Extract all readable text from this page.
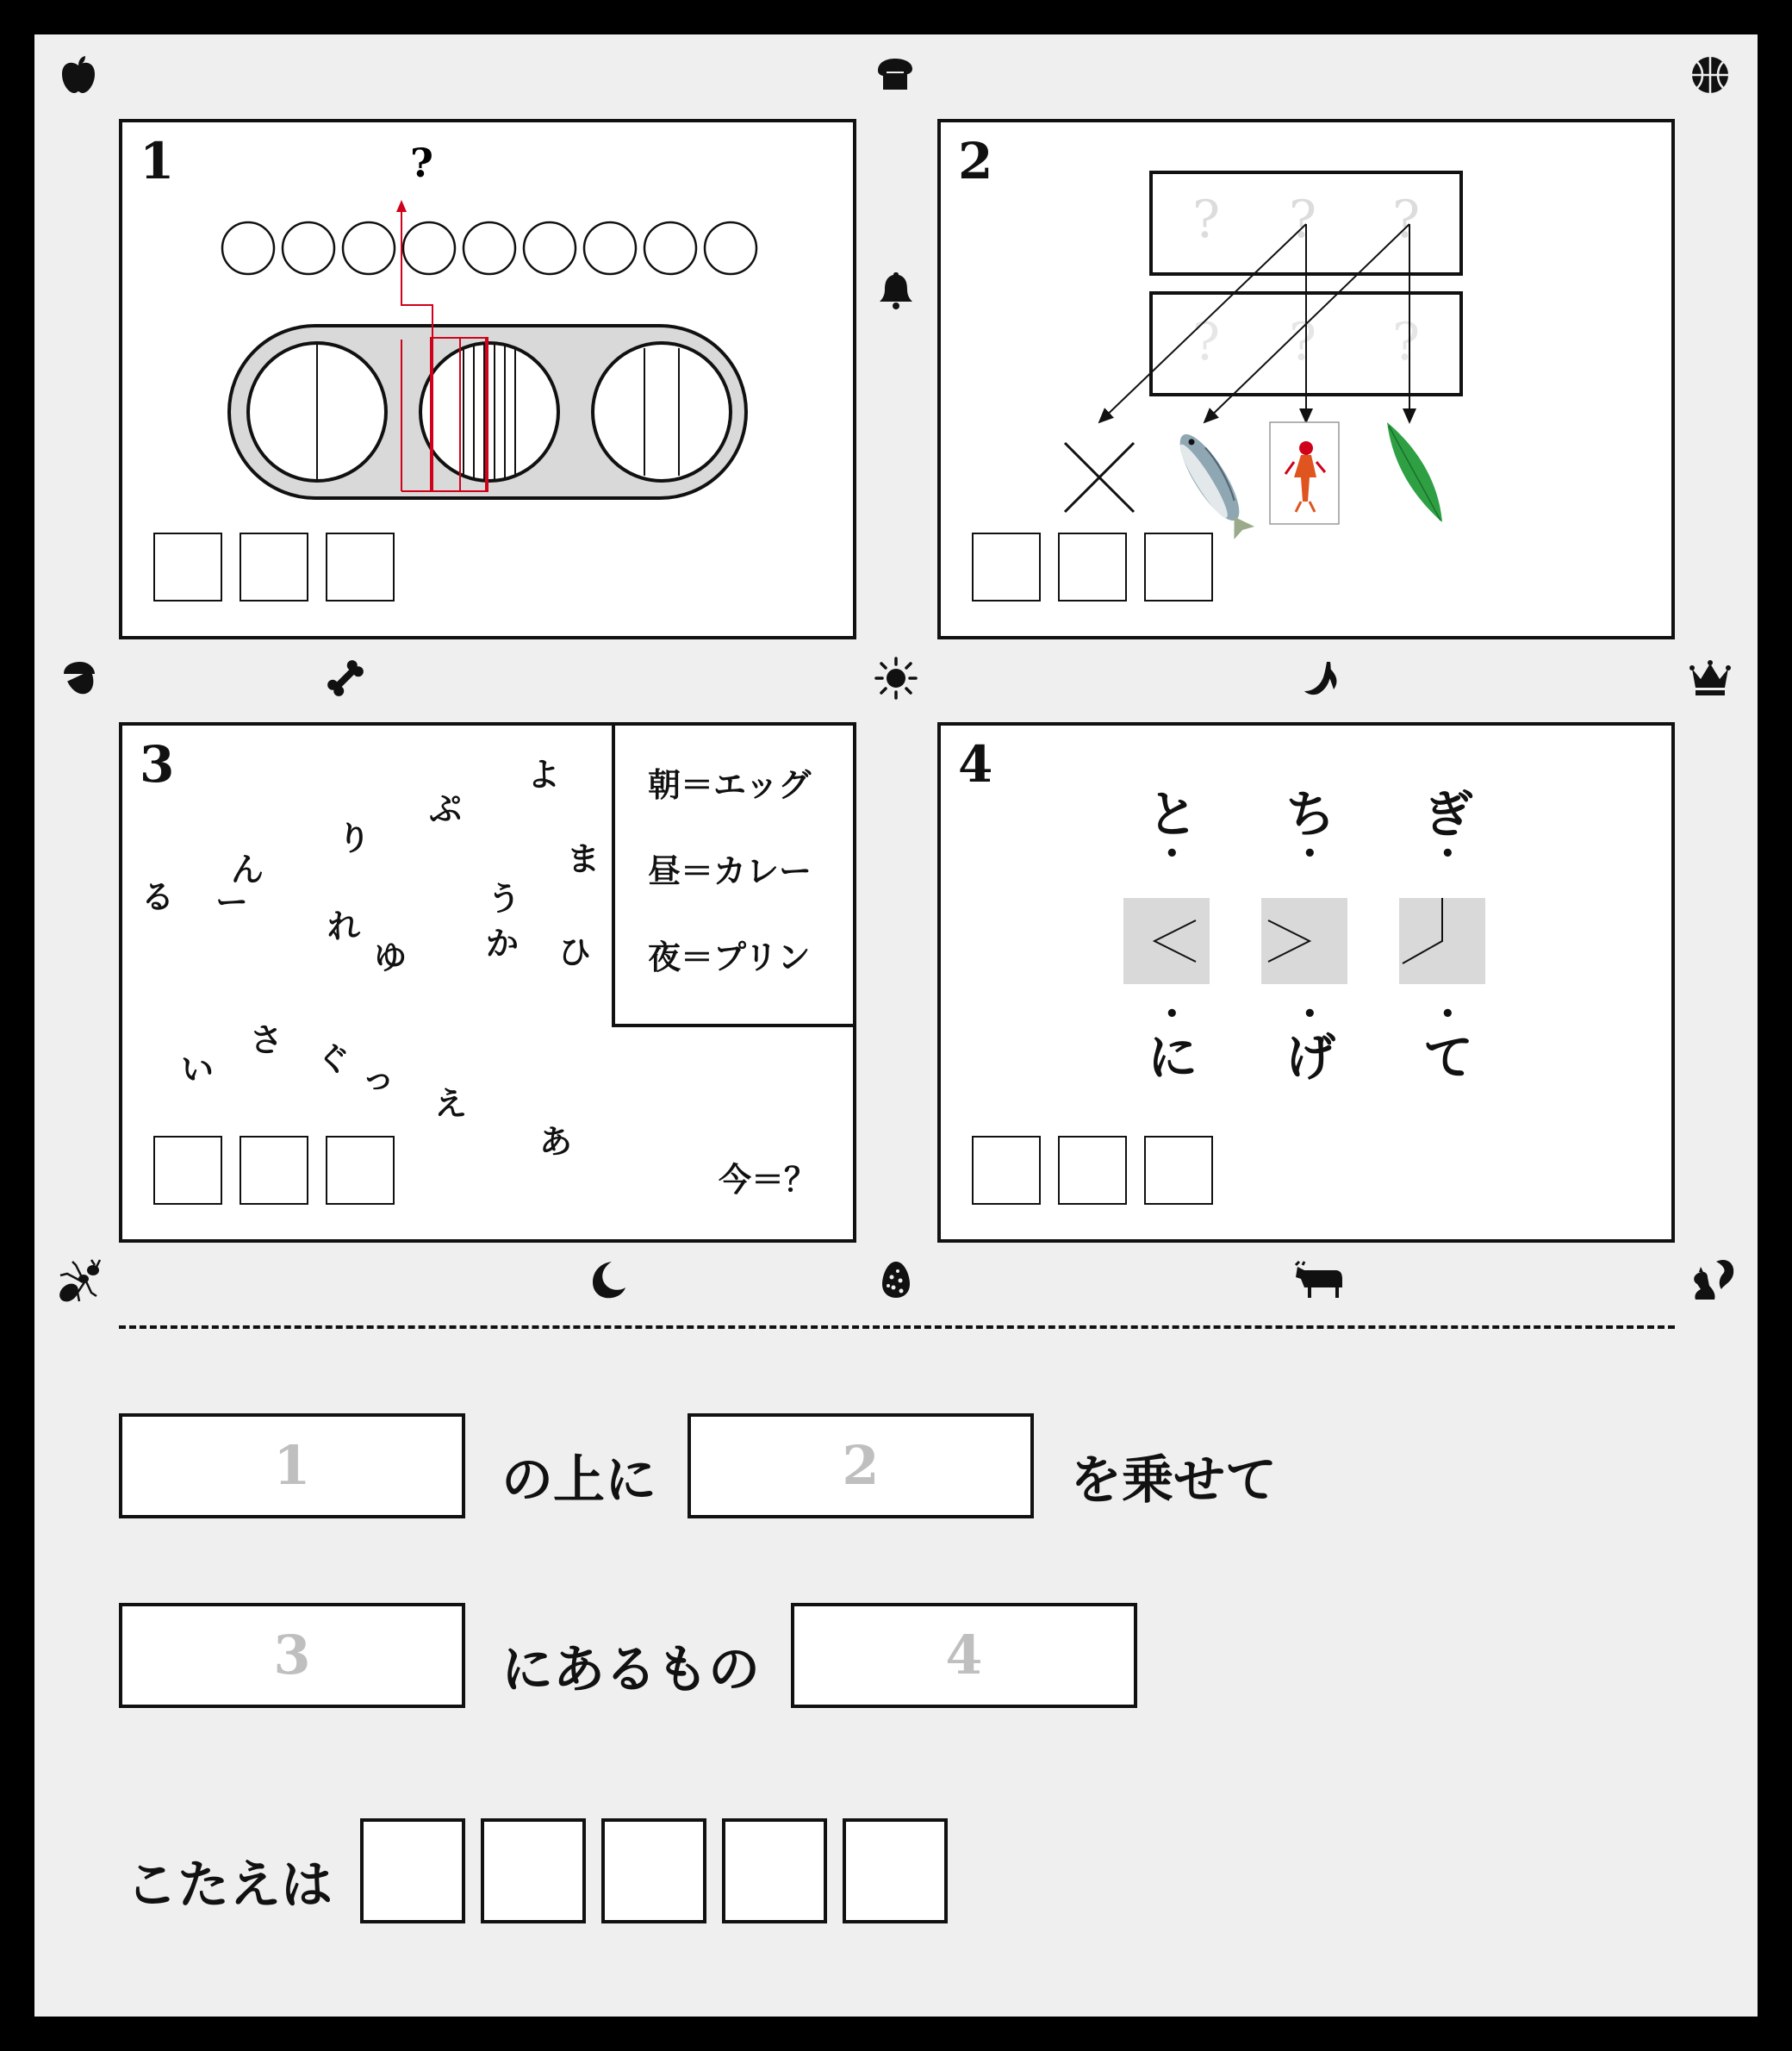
1	?	2
? ? ?
? ? ?
3	よ
ぷ
り
ま
ん
る ー	う
れ	か ひ
ゆ
さ
い	ぐ っ
え
あ
朝＝エッグ
昼＝カレー
夜＝プリン
今＝？
4
と ち ぎ
•	•	•
•	•	•
に げ て
1	の上に	2	を乗せて
3	にあるもの	4
こたえは
